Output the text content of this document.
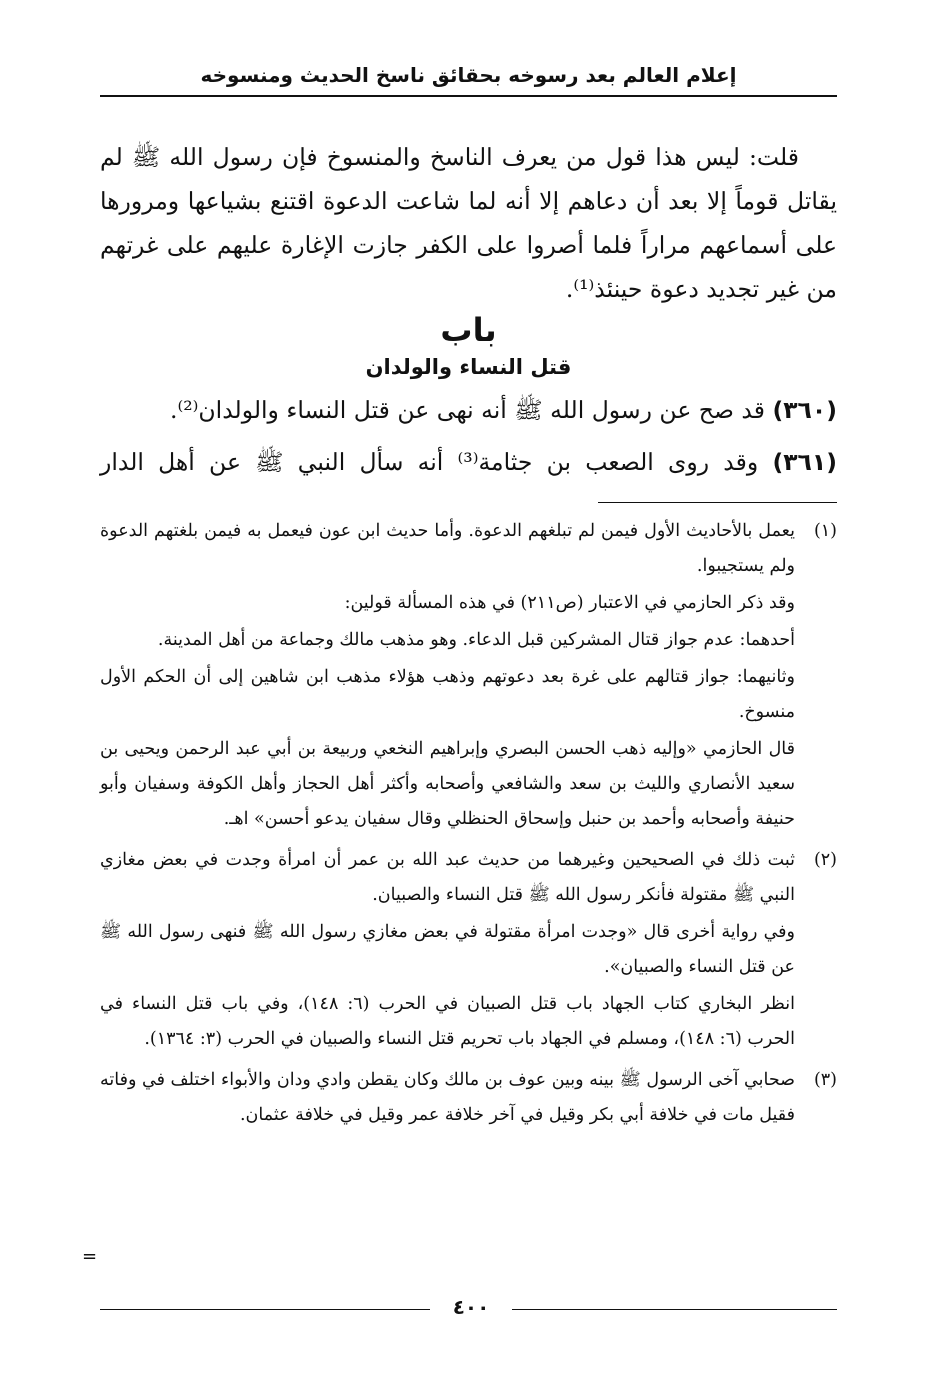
إعلام العالم بعد رسوخه بحقائق ناسخ الحديث ومنسوخه

قلت: ليس هذا قول من يعرف الناسخ والمنسوخ فإن رسول الله ﷺ لم يقاتل قوماً إلا بعد أن دعاهم إلا أنه لما شاعت الدعوة اقتنع بشياعها ومرورها على أسماعهم مراراً فلما أصروا على الكفر جازت الإغارة عليهم على غرتهم من غير تجديد دعوة حينئذ⁽¹⁾.

باب
قتل النساء والولدان

(٣٦٠) قد صح عن رسول الله ﷺ أنه نهى عن قتل النساء والولدان⁽²⁾.

(٣٦١) وقد روى الصعب بن جثامة⁽³⁾ أنه سأل النبي ﷺ عن أهل الدار

(١)

يعمل بالأحاديث الأول فيمن لم تبلغهم الدعوة. وأما حديث ابن عون فيعمل به فيمن بلغتهم الدعوة ولم يستجيبوا.

وقد ذكر الحازمي في الاعتبار (ص٢١١) في هذه المسألة قولين:

أحدهما: عدم جواز قتال المشركين قبل الدعاء. وهو مذهب مالك وجماعة من أهل المدينة.

وثانيهما: جواز قتالهم على غرة بعد دعوتهم وذهب هؤلاء مذهب ابن شاهين إلى أن الحكم الأول منسوخ.

قال الحازمي «وإليه ذهب الحسن البصري وإبراهيم النخعي وربيعة بن أبي عبد الرحمن ويحيى بن سعيد الأنصاري والليث بن سعد والشافعي وأصحابه وأكثر أهل الحجاز وأهل الكوفة وسفيان وأبو حنيفة وأصحابه وأحمد بن حنبل وإسحاق الحنظلي وقال سفيان يدعو أحسن» اهـ.

(٢)

ثبت ذلك في الصحيحين وغيرهما من حديث عبد الله بن عمر أن امرأة وجدت في بعض مغازي النبي ﷺ مقتولة فأنكر رسول الله ﷺ قتل النساء والصبيان.

وفي رواية أخرى قال «وجدت امرأة مقتولة في بعض مغازي رسول الله ﷺ فنهى رسول الله ﷺ عن قتل النساء والصبيان».

انظر البخاري كتاب الجهاد باب قتل الصبيان في الحرب (٦: ١٤٨)، وفي باب قتل النساء في الحرب (٦: ١٤٨)، ومسلم في الجهاد باب تحريم قتل النساء والصبيان في الحرب (٣: ١٣٦٤).

(٣)

صحابي آخى الرسول ﷺ بينه وبين عوف بن مالك وكان يقطن وادي ودان والأبواء اختلف في وفاته فقيل مات في خلافة أبي بكر وقيل في آخر خلافة عمر وقيل في خلافة عثمان.

=
٤٠٠
